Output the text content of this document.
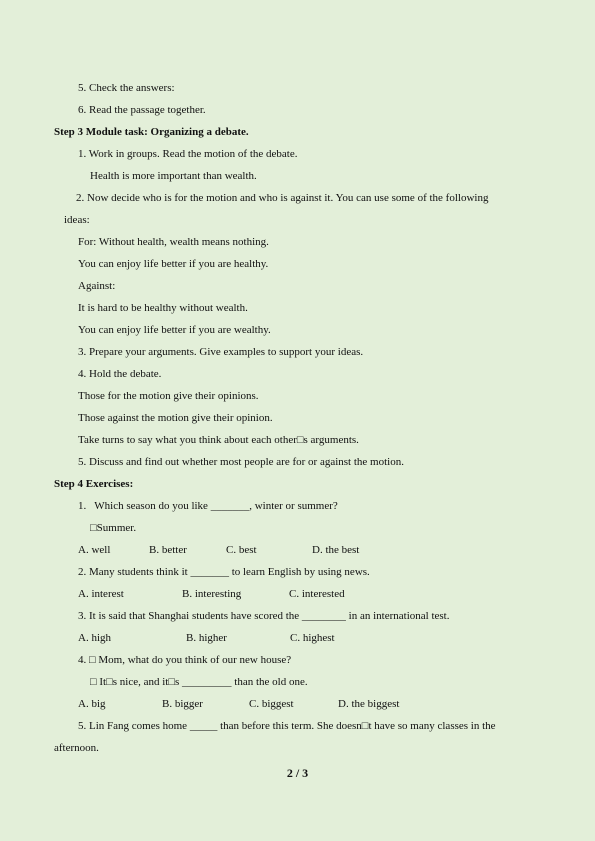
5. Check the answers:
6. Read the passage together.
Step 3 Module task: Organizing a debate.
1. Work in groups. Read the motion of the debate.
Health is more important than wealth.
2. Now decide who is for the motion and who is against it. You can use some of the following
ideas:
For: Without health, wealth means nothing.
You can enjoy life better if you are healthy.
Against:
It is hard to be healthy without wealth.
You can enjoy life better if you are wealthy.
3. Prepare your arguments. Give examples to support your ideas.
4. Hold the debate.
Those for the motion give their opinions.
Those against the motion give their opinion.
Take turns to say what you think about each other□s arguments.
5. Discuss and find out whether most people are for or against the motion.
Step 4 Exercises:
1.   Which season do you like _______, winter or summer?
□Summer.
A. well	B. better	C. best	D. the best
2. Many students think it _______ to learn English by using news.
A. interest	B. interesting	C. interested
3. It is said that Shanghai students have scored the ________ in an international test.
A. high	B. higher	C. highest
4. □ Mom, what do you think of our new house?
□ It□s nice, and it□s _________ than the old one.
A. big	B. bigger	C. biggest	D. the biggest
5. Lin Fang comes home _____ than before this term. She doesn□t have so many classes in the
afternoon.
2 / 3
